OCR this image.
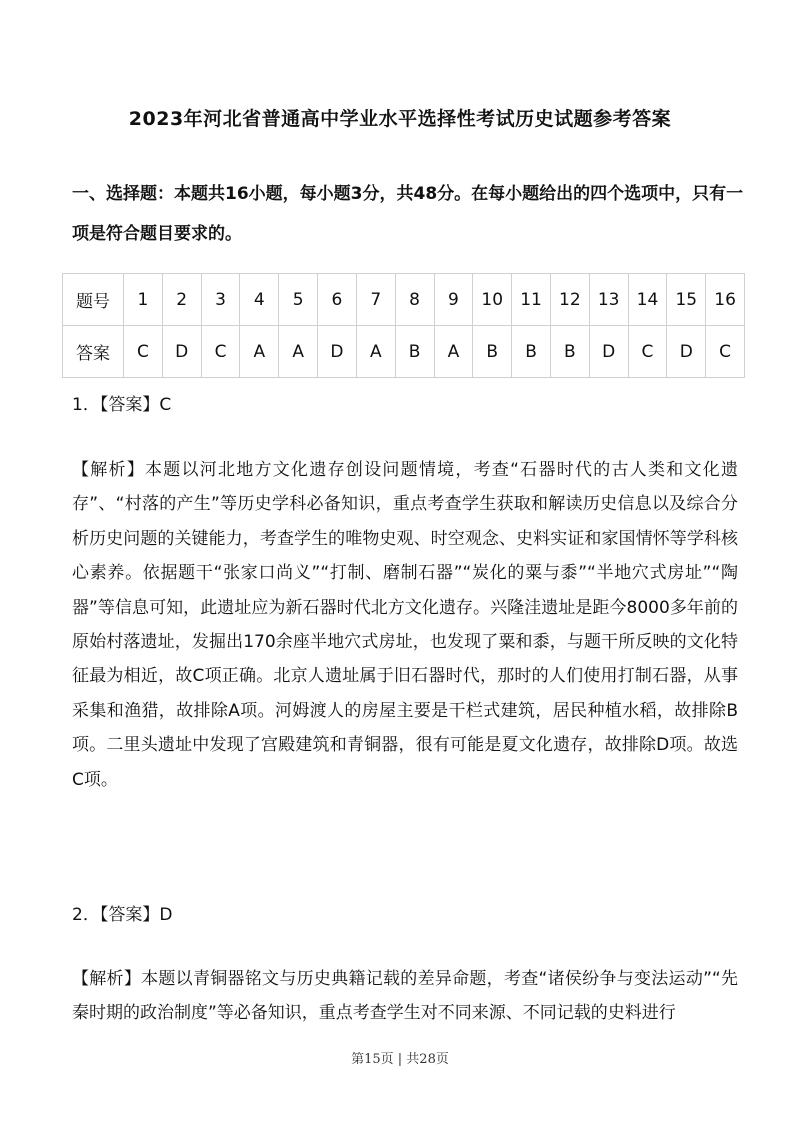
2023年河北省普通高中学业水平选择性考试历史试题参考答案
一、选择题：本题共16小题，每小题3分，共48分。在每小题给出的四个选项中，只有一项是符合题目要求的。
题号	1	2	3	4	5	6	7	8	9	10	11	12	13	14	15	16
答案	C	D	C	A	A	D	A	B	A	B	B	B	D	C	D	C
1．【答案】C
【解析】本题以河北地方文化遗存创设问题情境，考查“石器时代的古人类和文化遗存”、“村落的产生”等历史学科必备知识，重点考查学生获取和解读历史信息以及综合分析历史问题的关键能力，考查学生的唯物史观、时空观念、史料实证和家国情怀等学科核心素养。依据题干“张家口尚义”“打制、磨制石器”“炭化的粟与黍”“半地穴式房址”“陶器”等信息可知，此遗址应为新石器时代北方文化遗存。兴隆洼遗址是距今8000多年前的原始村落遗址，发掘出170余座半地穴式房址，也发现了粟和黍，与题干所反映的文化特征最为相近，故C项正确。北京人遗址属于旧石器时代，那时的人们使用打制石器，从事采集和渔猎，故排除A项。河姆渡人的房屋主要是干栏式建筑，居民种植水稻，故排除B项。二里头遗址中发现了宫殿建筑和青铜器，很有可能是夏文化遗存，故排除D项。故选C项。
2．【答案】D
【解析】本题以青铜器铭文与历史典籍记载的差异命题，考查“诸侯纷争与变法运动”“先秦时期的政治制度”等必备知识，重点考查学生对不同来源、不同记载的史料进行
第15页 | 共28页
